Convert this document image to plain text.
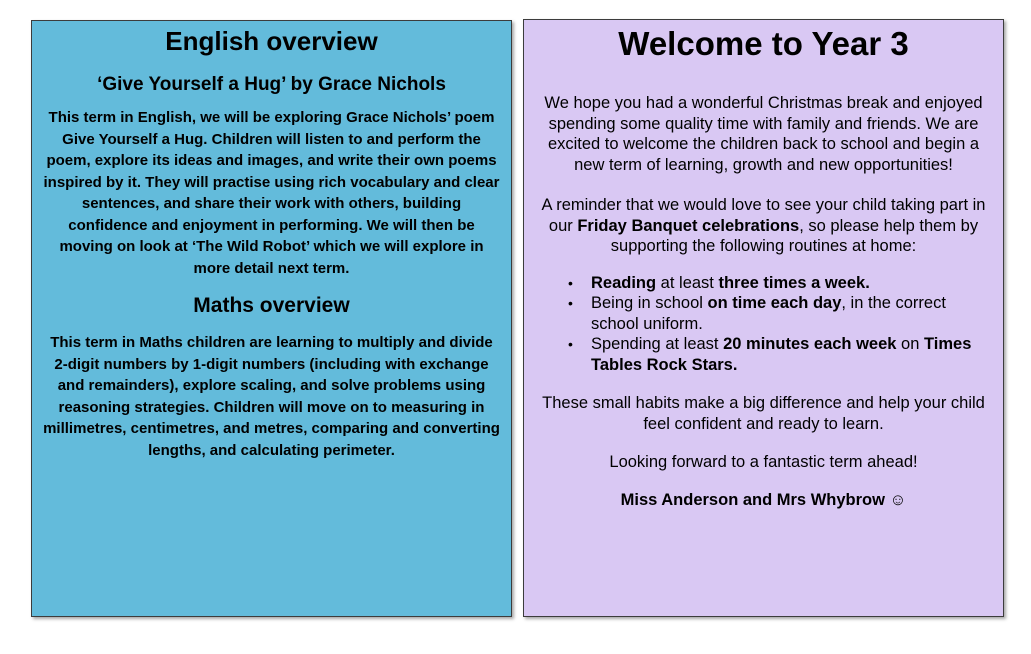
English overview
‘Give Yourself a Hug’ by Grace Nichols

This term in English, we will be exploring Grace Nichols’ poem Give Yourself a Hug. Children will listen to and perform the poem, explore its ideas and images, and write their own poems inspired by it. They will practise using rich vocabulary and clear sentences, and share their work with others, building confidence and enjoyment in performing. We will then be moving on look at ‘The Wild Robot’ which we will explore in more detail next term.

Maths overview

This term in Maths children are learning to multiply and divide 2-digit numbers by 1-digit numbers (including with exchange and remainders), explore scaling, and solve problems using reasoning strategies. Children will move on to measuring in millimetres, centimetres, and metres, comparing and converting lengths, and calculating perimeter.

Welcome to Year 3

We hope you had a wonderful Christmas break and enjoyed spending some quality time with family and friends. We are excited to welcome the children back to school and begin a new term of learning, growth and new opportunities!

A reminder that we would love to see your child taking part in our Friday Banquet celebrations, so please help them by supporting the following routines at home:

• Reading at least three times a week.
• Being in school on time each day, in the correct school uniform.
• Spending at least 20 minutes each week on Times Tables Rock Stars.

These small habits make a big difference and help your child feel confident and ready to learn.

Looking forward to a fantastic term ahead!

Miss Anderson and Mrs Whybrow ☺
